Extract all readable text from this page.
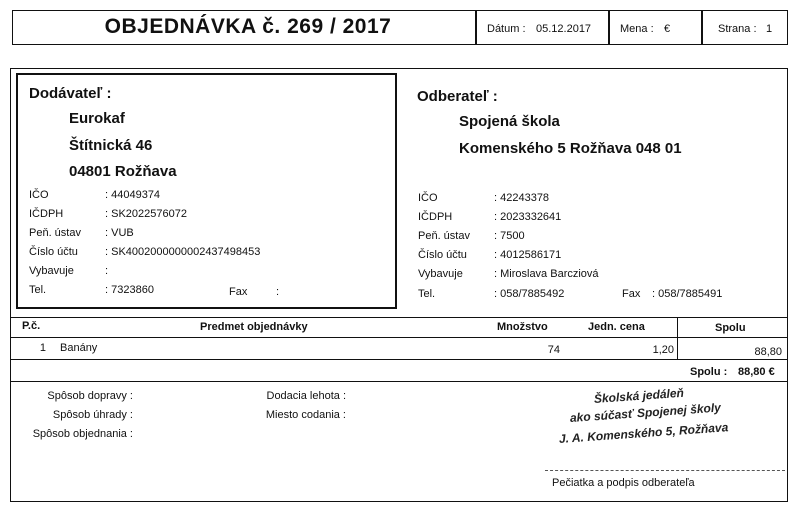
OBJEDNÁVKA č. 269 / 2017	Dátum : 05.12.2017	Mena : €	Strana : 1
Dodávateľ :
Eurokaf
Štítnická 46
04801 Rožňava
IČO	: 44049374
IČDPH	: SK2022576072
Peň. ústav : VUB
Číslo účtu : SK4002000000002437498453
Vybavuje	:
Tel.	: 7323860	Fax	:
Odberateľ :
Spojená škola
Komenského 5 Rožňava 048 01
IČO	: 42243378
IČDPH	: 2023332641
Peň. ústav : 7500
Číslo účtu : 4012586171
Vybavuje	: Miroslava Barcziová
Tel.	: 058/7885492	Fax : 058/7885491
P.č.	Predmet objednávky	Množstvo	Jedn. cena	Spolu
1 Banány	74	1,20	88,80
Spolu : 88,80 €
Spôsob dopravy :
Spôsob úhrady :
Spôsob objednania :
Dodacia lehota :
Miesto codania :
Školská jedáleň
ako súčasť Spojenej školy
J. A. Komenského 5, Rožňava
Pečiatka a podpis odberateľa
